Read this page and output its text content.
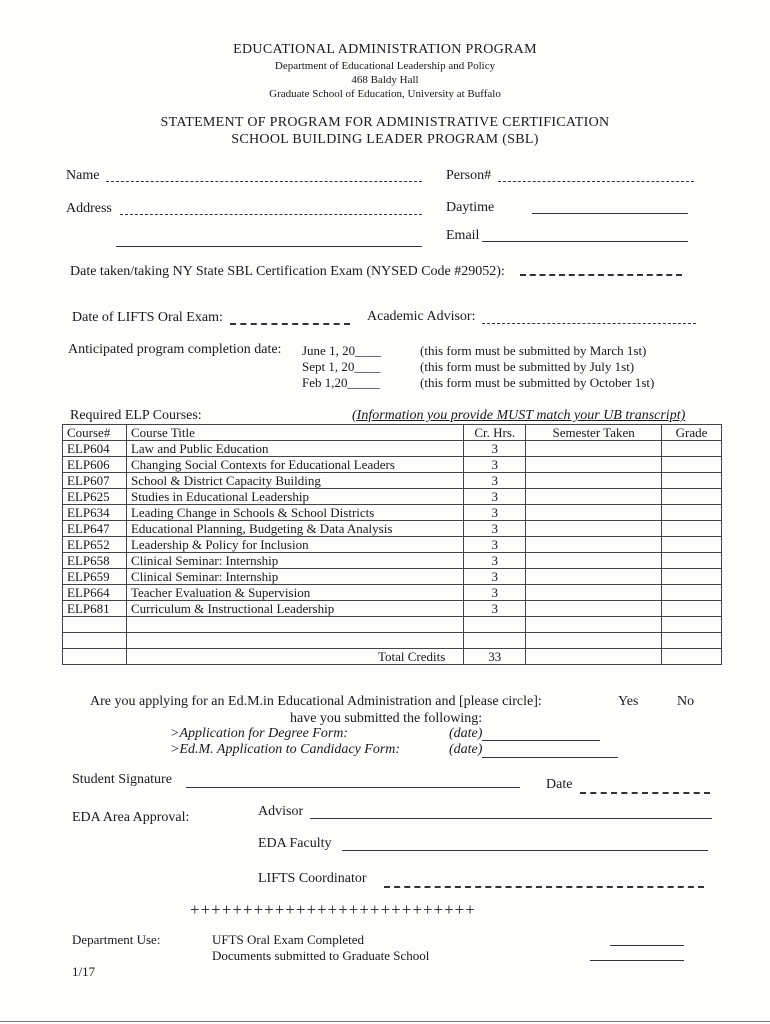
EDUCATIONAL ADMINISTRATION PROGRAM
Department of Educational Leadership and Policy
468 Baldy Hall
Graduate School of Education, University at Buffalo
STATEMENT OF PROGRAM FOR ADMINISTRATIVE CERTIFICATION
SCHOOL BUILDING LEADER PROGRAM (SBL)
Name	Person#
Address	Daytime
Email
Date taken/taking NY State SBL Certification Exam (NYSED Code #29052):
Date of LIFTS Oral Exam:	Academic Advisor:
Anticipated program completion date: June 1, 20____	(this form must be submitted by March 1st)
Sept 1, 20____	(this form must be submitted by July 1st)
Feb 1,20_____	(this form must be submitted by October 1st)
Required ELP Courses:	(Information you provide MUST match your UB transcript)
Course#	Course Title	Cr. Hrs.	Semester Taken	Grade
ELP604	Law and Public Education	3		
ELP606	Changing Social Contexts for Educational Leaders	3		
ELP607	School & District Capacity Building	3		
ELP625	Studies in Educational Leadership	3		
ELP634	Leading Change in Schools & School Districts	3		
ELP647	Educational Planning, Budgeting & Data Analysis	3		
ELP652	Leadership & Policy for Inclusion	3		
ELP658	Clinical Seminar: Internship	3		
ELP659	Clinical Seminar: Internship	3		
ELP664	Teacher Evaluation & Supervision	3		
ELP681	Curriculum & Instructional Leadership	3		

	Total Credits	33		
Are you applying for an Ed.M.in Educational Administration and [please circle]:	Yes	No
have you submitted the following:
>Application for Degree Form:	(date)
>Ed.M. Application to Candidacy Form:	(date)
Student Signature	Date
EDA Area Approval:	Advisor
EDA Faculty
LIFTS Coordinator
+++++++++++++++++++++++++++
Department Use:	UFTS Oral Exam Completed
Documents submitted to Graduate School
1/17
